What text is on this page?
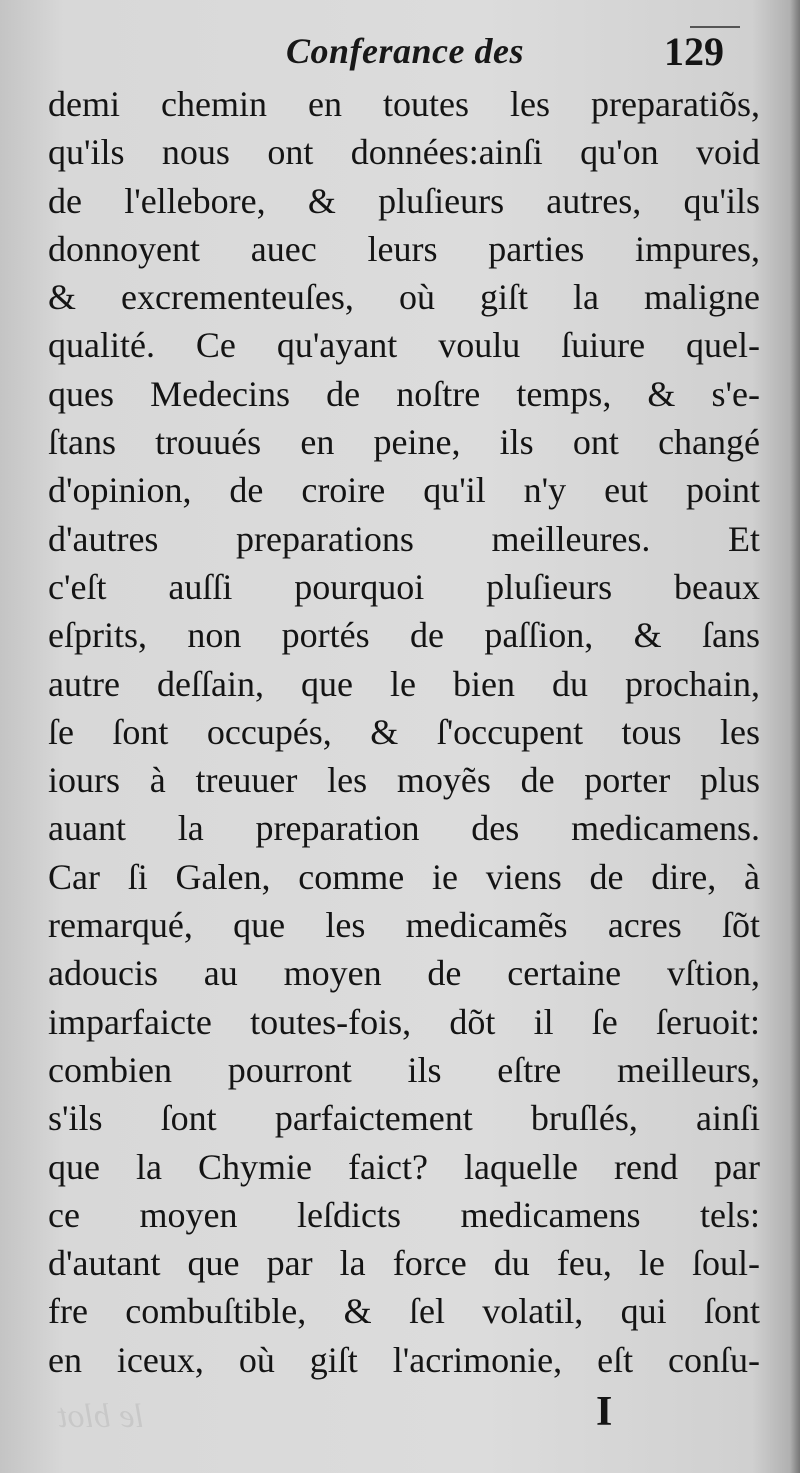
Conferance des	129
demi chemin en toutes les preparatiõs,
qu'ils nous ont données:ainſi qu'on void
de l'ellebore, & pluſieurs autres, qu'ils
donnoyent auec leurs parties impures,
& excrementeuſes, où giſt la maligne
qualité. Ce qu'ayant voulu ſuiure quel-
ques Medecins de noſtre temps, & s'e-
ſtans trouués en peine, ils ont changé
d'opinion, de croire qu'il n'y eut point
d'autres preparations meilleures. Et
c'eſt auſſi pourquoi pluſieurs beaux
eſprits, non portés de paſſion, & ſans
autre deſſain, que le bien du prochain,
ſe ſont occupés, & ſ'occupent tous les
iours à treuuer les moyẽs de porter plus
auant la preparation des medicamens.
Car ſi Galen, comme ie viens de dire, à
remarqué, que les medicamẽs acres ſõt
adoucis au moyen de certaine vſtion,
imparfaicte toutes-fois, dõt il ſe ſeruoit:
combien pourront ils eſtre meilleurs,
s'ils ſont parfaictement bruſlés, ainſi
que la Chymie faict? laquelle rend par
ce moyen leſdicts medicamens tels:
d'autant que par la force du feu, le ſoul-
fre combuſtible, & ſel volatil, qui ſont
en iceux, où giſt l'acrimonie, eſt conſu-
le blot	I
